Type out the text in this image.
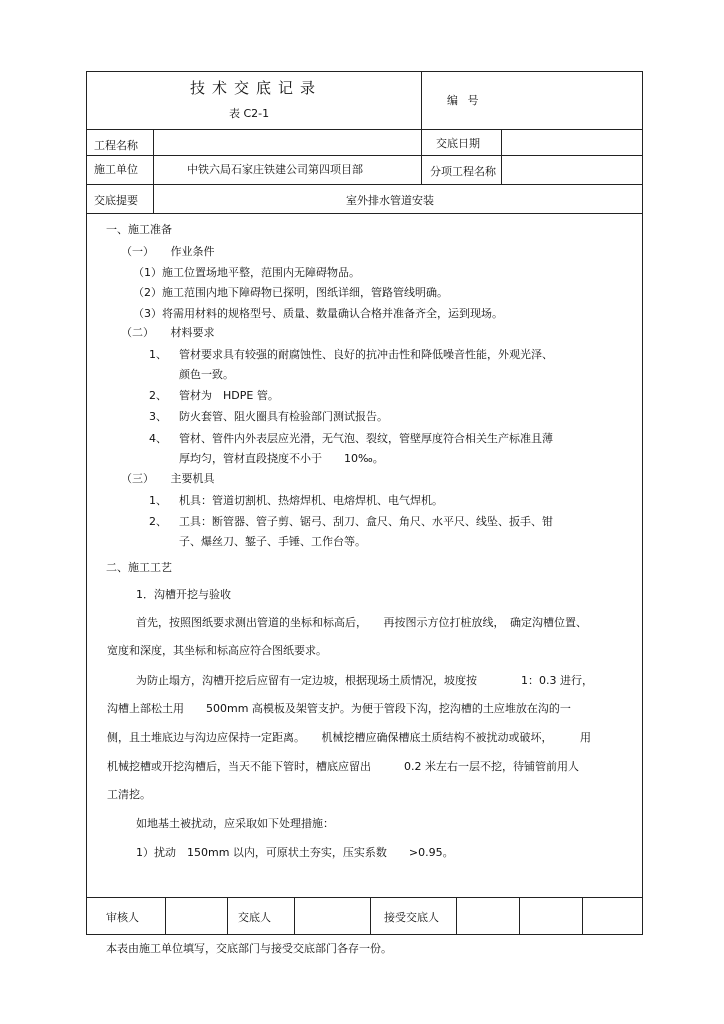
技术交底记录
表 C2-1
编 号
工程名称	交底日期
施工单位	中铁六局石家庄铁建公司第四项目部	分项工程名称
交底提要	室外排水管道安装
一、施工准备
（一）　　作业条件
（1）施工位置场地平整，范围内无障碍物品。
（2）施工范围内地下障碍物已探明，图纸详细，管路管线明确。
（3）将需用材料的规格型号、质量、数量确认合格并准备齐全，运到现场。
（二）　　材料要求
1、 管材要求具有较强的耐腐蚀性、良好的抗冲击性和降低噪音性能，外观光泽、
颜色一致。
2、 管材为　HDPE 管。
3、 防火套管、阻火圈具有检验部门测试报告。
4、 管材、管件内外表层应光滑，无气泡、裂纹，管壁厚度符合相关生产标准且薄
厚均匀，管材直段挠度不小于　　10‰。
（三）　　主要机具
1、 机具：管道切割机、热熔焊机、电熔焊机、电气焊机。
2、 工具：断管器、管子剪、锯弓、刮刀、盒尺、角尺、水平尺、线坠、扳手、钳
子、爆丝刀、錾子、手锤、工作台等。
二、施工工艺
1．沟槽开挖与验收
首先，按照图纸要求测出管道的坐标和标高后，　　再按图示方位打桩放线，　确定沟槽位置、
宽度和深度，其坐标和标高应符合图纸要求。
为防止塌方，沟槽开挖后应留有一定边坡，根据现场土质情况，坡度按　　　　1：0.3 进行，
沟槽上部松土用　　500mm 高模板及架管支护。为便于管段下沟，挖沟槽的土应堆放在沟的一
侧，且土堆底边与沟边应保持一定距离。　　机械挖槽应确保槽底土质结构不被扰动或破坏，　　　用
机械挖槽或开挖沟槽后，当天不能下管时，槽底应留出　　　0.2 米左右一层不挖，待铺管前用人
工清挖。
如地基土被扰动，应采取如下处理措施：
1）扰动　150mm 以内，可原状土夯实，压实系数　　>0.95。
审核人	交底人	接受交底人
本表由施工单位填写，交底部门与接受交底部门各存一份。
